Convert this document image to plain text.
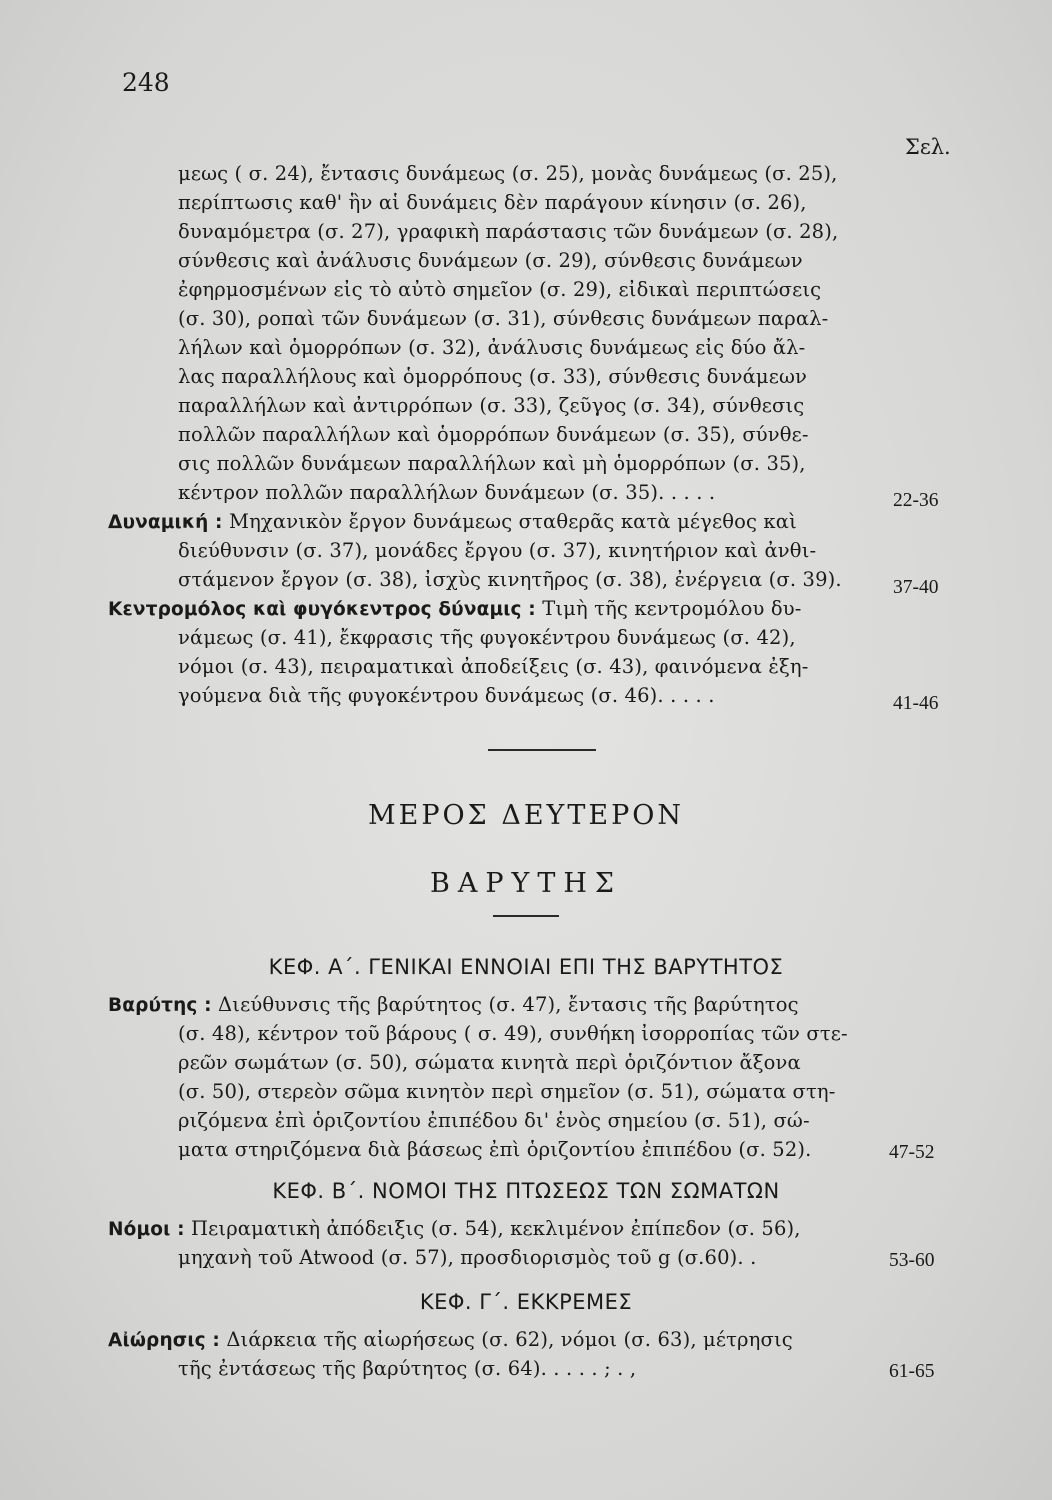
248
Σελ.
μεως ( σ. 24), ἔντασις δυνάμεως (σ. 25), μονὰς δυνάμεως (σ. 25),
περίπτωσις καθ' ἣν αἱ δυνάμεις δὲν παράγουν κίνησιν (σ. 26),
δυναμόμετρα (σ. 27), γραφικὴ παράστασις τῶν δυνάμεων (σ. 28),
σύνθεσις καὶ ἀνάλυσις δυνάμεων (σ. 29), σύνθεσις δυνάμεων
ἐφηρμοσμένων εἰς τὸ αὐτὸ σημεῖον (σ. 29), εἰδικαὶ περιπτώσεις
(σ. 30), ροπαὶ τῶν δυνάμεων (σ. 31), σύνθεσις δυνάμεων παραλ-
λήλων καὶ ὁμορρόπων (σ. 32), ἀνάλυσις δυνάμεως εἰς δύο ἄλ-
λας παραλλήλους καὶ ὁμορρόπους (σ. 33), σύνθεσις δυνάμεων
παραλλήλων καὶ ἀντιρρόπων (σ. 33), ζεῦγος (σ. 34), σύνθεσις
πολλῶν παραλλήλων καὶ ὁμορρόπων δυνάμεων (σ. 35), σύνθε-
σις πολλῶν δυνάμεων παραλλήλων καὶ μὴ ὁμορρόπων (σ. 35),
κέντρον πολλῶν παραλλήλων δυνάμεων (σ. 35). . . . .	22-36
Δυναμική : Μηχανικὸν ἔργον δυνάμεως σταθερᾶς κατὰ μέγεθος καὶ
διεύθυνσιν (σ. 37), μονάδες ἔργου (σ. 37), κινητήριον καὶ ἀνθι-
στάμενον ἔργον (σ. 38), ἰσχὺς κινητῆρος (σ. 38), ἐνέργεια (σ. 39).	37-40
Κεντρομόλος καὶ φυγόκεντρος δύναμις : Τιμὴ τῆς κεντρομόλου δυ-
νάμεως (σ. 41), ἔκφρασις τῆς φυγοκέντρου δυνάμεως (σ. 42),
νόμοι (σ. 43), πειραματικαὶ ἀποδείξεις (σ. 43), φαινόμενα ἐξη-
γούμενα διὰ τῆς φυγοκέντρου δυνάμεως (σ. 46). . . . .	41-46
ΜΕΡΟΣ ΔΕΥΤΕΡΟΝ
ΒΑΡΥΤΗΣ
ΚΕΦ. Α΄. ΓΕΝΙΚΑΙ ΕΝΝΟΙΑΙ ΕΠΙ ΤΗΣ ΒΑΡΥΤΗΤΟΣ
Βαρύτης : Διεύθυνσις τῆς βαρύτητος (σ. 47), ἔντασις τῆς βαρύτητος
(σ. 48), κέντρον τοῦ βάρους ( σ. 49), συνθήκη ἰσορροπίας τῶν στε-
ρεῶν σωμάτων (σ. 50), σώματα κινητὰ περὶ ὁριζόντιον ἄξονα
(σ. 50), στερεὸν σῶμα κινητὸν περὶ σημεῖον (σ. 51), σώματα στη-
ριζόμενα ἐπὶ ὁριζοντίου ἐπιπέδου δι' ἑνὸς σημείου (σ. 51), σώ-
ματα στηριζόμενα διὰ βάσεως ἐπὶ ὁριζοντίου ἐπιπέδου (σ. 52).	47-52
ΚΕΦ. Β΄. ΝΟΜΟΙ ΤΗΣ ΠΤΩΣΕΩΣ ΤΩΝ ΣΩΜΑΤΩΝ
Νόμοι : Πειραματικὴ ἀπόδειξις (σ. 54), κεκλιμένον ἐπίπεδον (σ. 56),
μηχανὴ τοῦ Atwood (σ. 57), προσδιορισμὸς τοῦ g (σ.60). .	53-60
ΚΕΦ. Γ΄. ΕΚΚΡΕΜΕΣ
Αἰώρησις : Διάρκεια τῆς αἰωρήσεως (σ. 62), νόμοι (σ. 63), μέτρησις
τῆς ἐντάσεως τῆς βαρύτητος (σ. 64). . . . . ; . ,	61-65
